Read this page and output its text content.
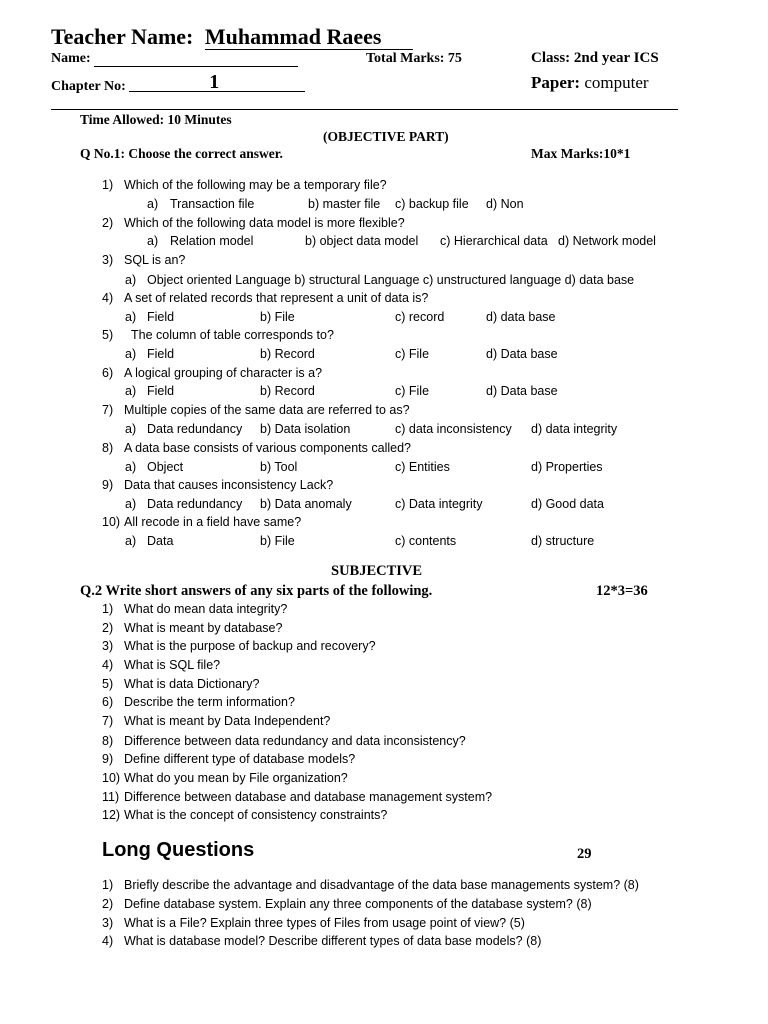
Teacher Name: Muhammad Raees
Name:	Total Marks: 75	Class: 2nd year ICS
Chapter No:	1	Paper: computer
Time Allowed: 10 Minutes
(OBJECTIVE PART)
Q No.1: Choose the correct answer.	Max Marks:10*1
1) Which of the following may be a temporary file?
a) Transaction file	b) master file c) backup file d) Non
2) Which of the following data model is more flexible?
a) Relation model	b) object data model c) Hierarchical data d) Network model
3) SQL is an?
a) Object oriented Language b) structural Language c) unstructured language d) data base
4) A set of related records that represent a unit of data is?
a) Field	b) File	c) record	d) data base
5) The column of table corresponds to?
a) Field	b) Record	c) File	d) Data base
6) A logical grouping of character is a?
a) Field	b) Record	c) File	d) Data base
7) Multiple copies of the same data are referred to as?
a) Data redundancy b) Data isolation	c) data inconsistency d) data integrity
8) A data base consists of various components called?
a) Object	b) Tool	c) Entities	d) Properties
9) Data that causes inconsistency Lack?
a) Data redundancy b) Data anomaly	c) Data integrity	d) Good data
10) All recode in a field have same?
a) Data	b) File	c) contents	d) structure
SUBJECTIVE
Q.2 Write short answers of any six parts of the following.	12*3=36
1) What do mean data integrity?
2) What is meant by database?
3) What is the purpose of backup and recovery?
4) What is SQL file?
5) What is data Dictionary?
6) Describe the term information?
7) What is meant by Data Independent?
8) Difference between data redundancy and data inconsistency?
9) Define different type of database models?
10) What do you mean by File organization?
11) Difference between database and database management system?
12) What is the concept of consistency constraints?
Long Questions	29
1) Briefly describe the advantage and disadvantage of the data base managements system? (8)
2) Define database system. Explain any three components of the database system? (8)
3) What is a File? Explain three types of Files from usage point of view? (5)
4) What is database model? Describe different types of data base models? (8)
